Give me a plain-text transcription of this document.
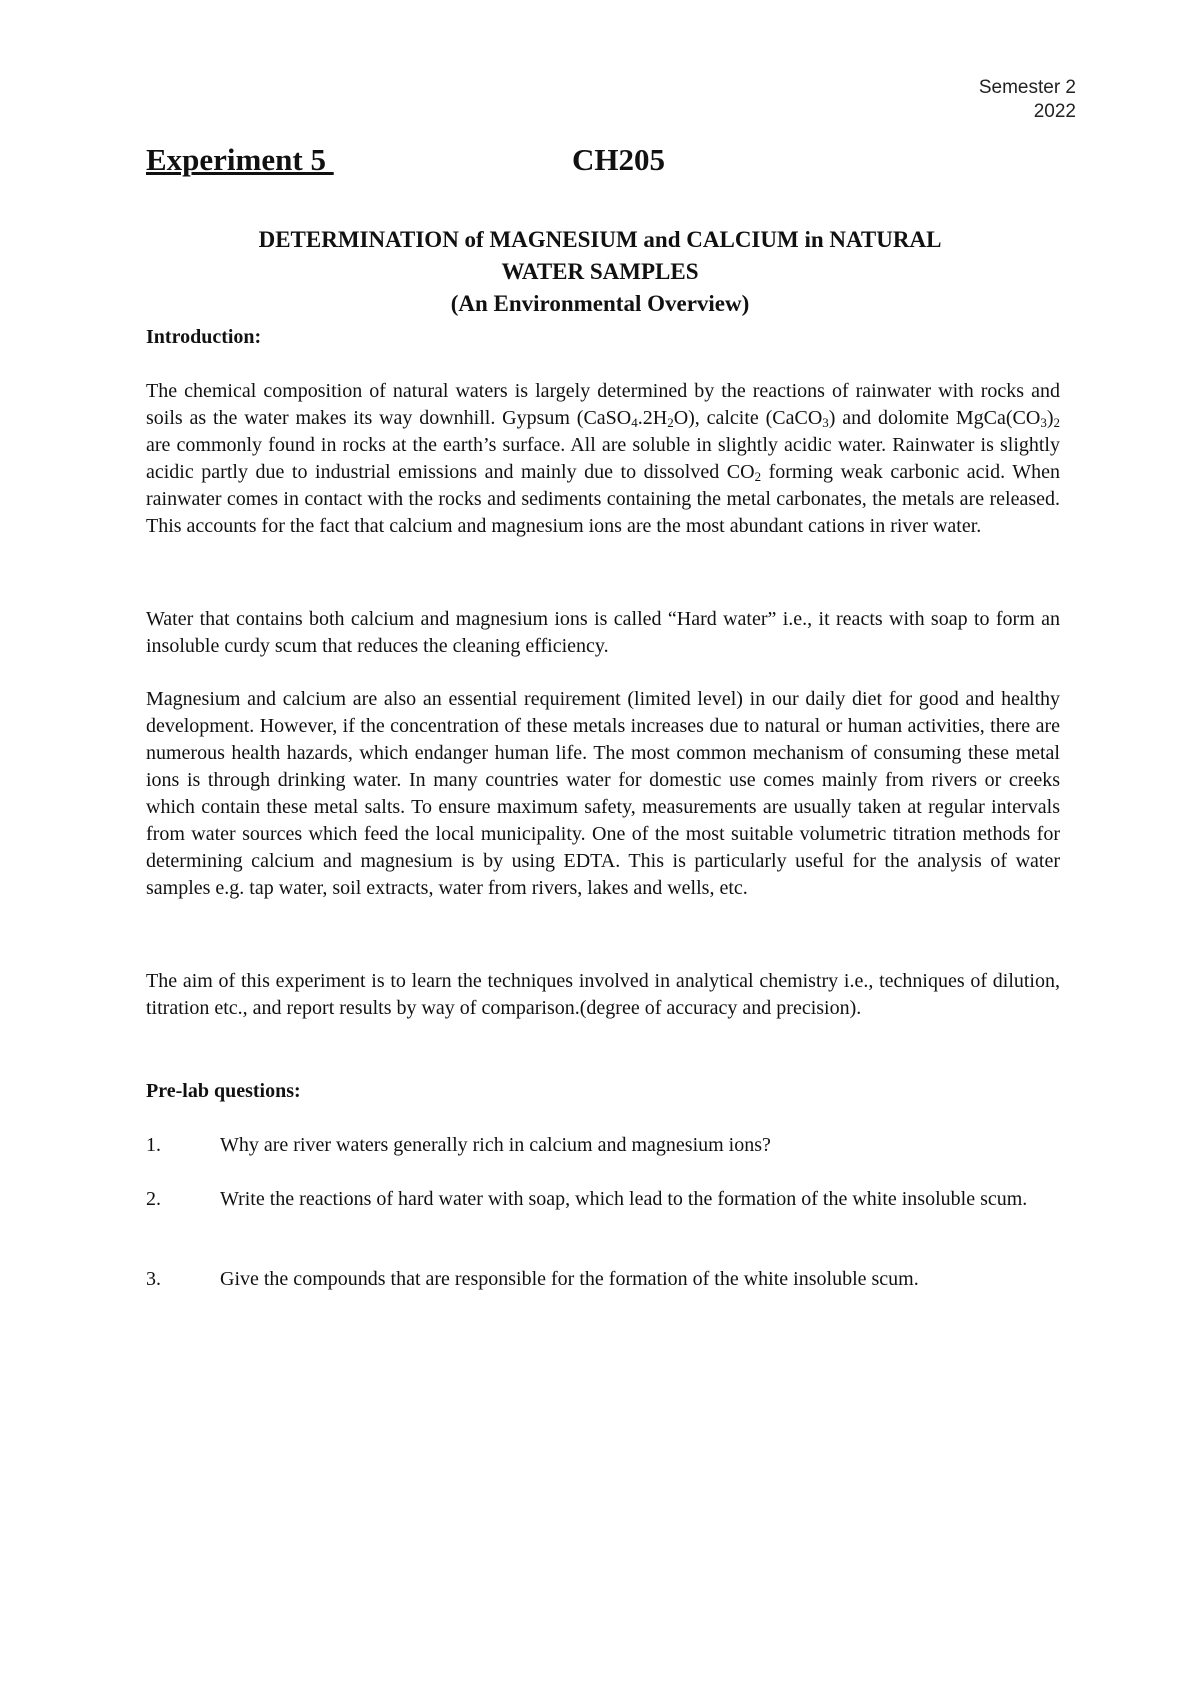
Semester 2
2022
Experiment 5	CH205
DETERMINATION of MAGNESIUM and CALCIUM in NATURAL
WATER SAMPLES
(An Environmental Overview)
Introduction:

The chemical composition of natural waters is largely determined by the reactions of rainwater with rocks and soils as the water makes its way downhill. Gypsum $(CaSO_4.2H_2O)$, calcite (CaCO$_3$) and dolomite $MgCa(CO_3)_2$ are commonly found in rocks at the earth’s surface. All are soluble in slightly acidic water. Rainwater is slightly acidic partly due to industrial emissions and mainly due to dissolved $CO_2$ forming weak carbonic acid. When rainwater comes in contact with the rocks and sediments containing the metal carbonates, the metals are released. This accounts for the fact that calcium and magnesium ions are the most abundant cations in river water.

Water that contains both calcium and magnesium ions is called “Hard water” i.e., it reacts with soap to form an insoluble curdy scum that reduces the cleaning efficiency.

Magnesium and calcium are also an essential requirement (limited level) in our daily diet for good and healthy development. However, if the concentration of these metals increases due to natural or human activities, there are numerous health hazards, which endanger human life. The most common mechanism of consuming these metal ions is through drinking water. In many countries water for domestic use comes mainly from rivers or creeks which contain these metal salts. To ensure maximum safety, measurements are usually taken at regular intervals from water sources which feed the local municipality. One of the most suitable volumetric titration methods for determining calcium and magnesium is by using EDTA. This is particularly useful for the analysis of water samples e.g. tap water, soil extracts, water from rivers, lakes and wells, etc.

The aim of this experiment is to learn the techniques involved in analytical chemistry i.e., techniques of dilution, titration etc., and report results by way of comparison.(degree of accuracy and precision).

Pre-lab questions:
1.	Why are river waters generally rich in calcium and magnesium ions?
2.	Write the reactions of hard water with soap, which lead to the formation of the white insoluble scum.
3.	Give the compounds that are responsible for the formation of the white insoluble scum.
